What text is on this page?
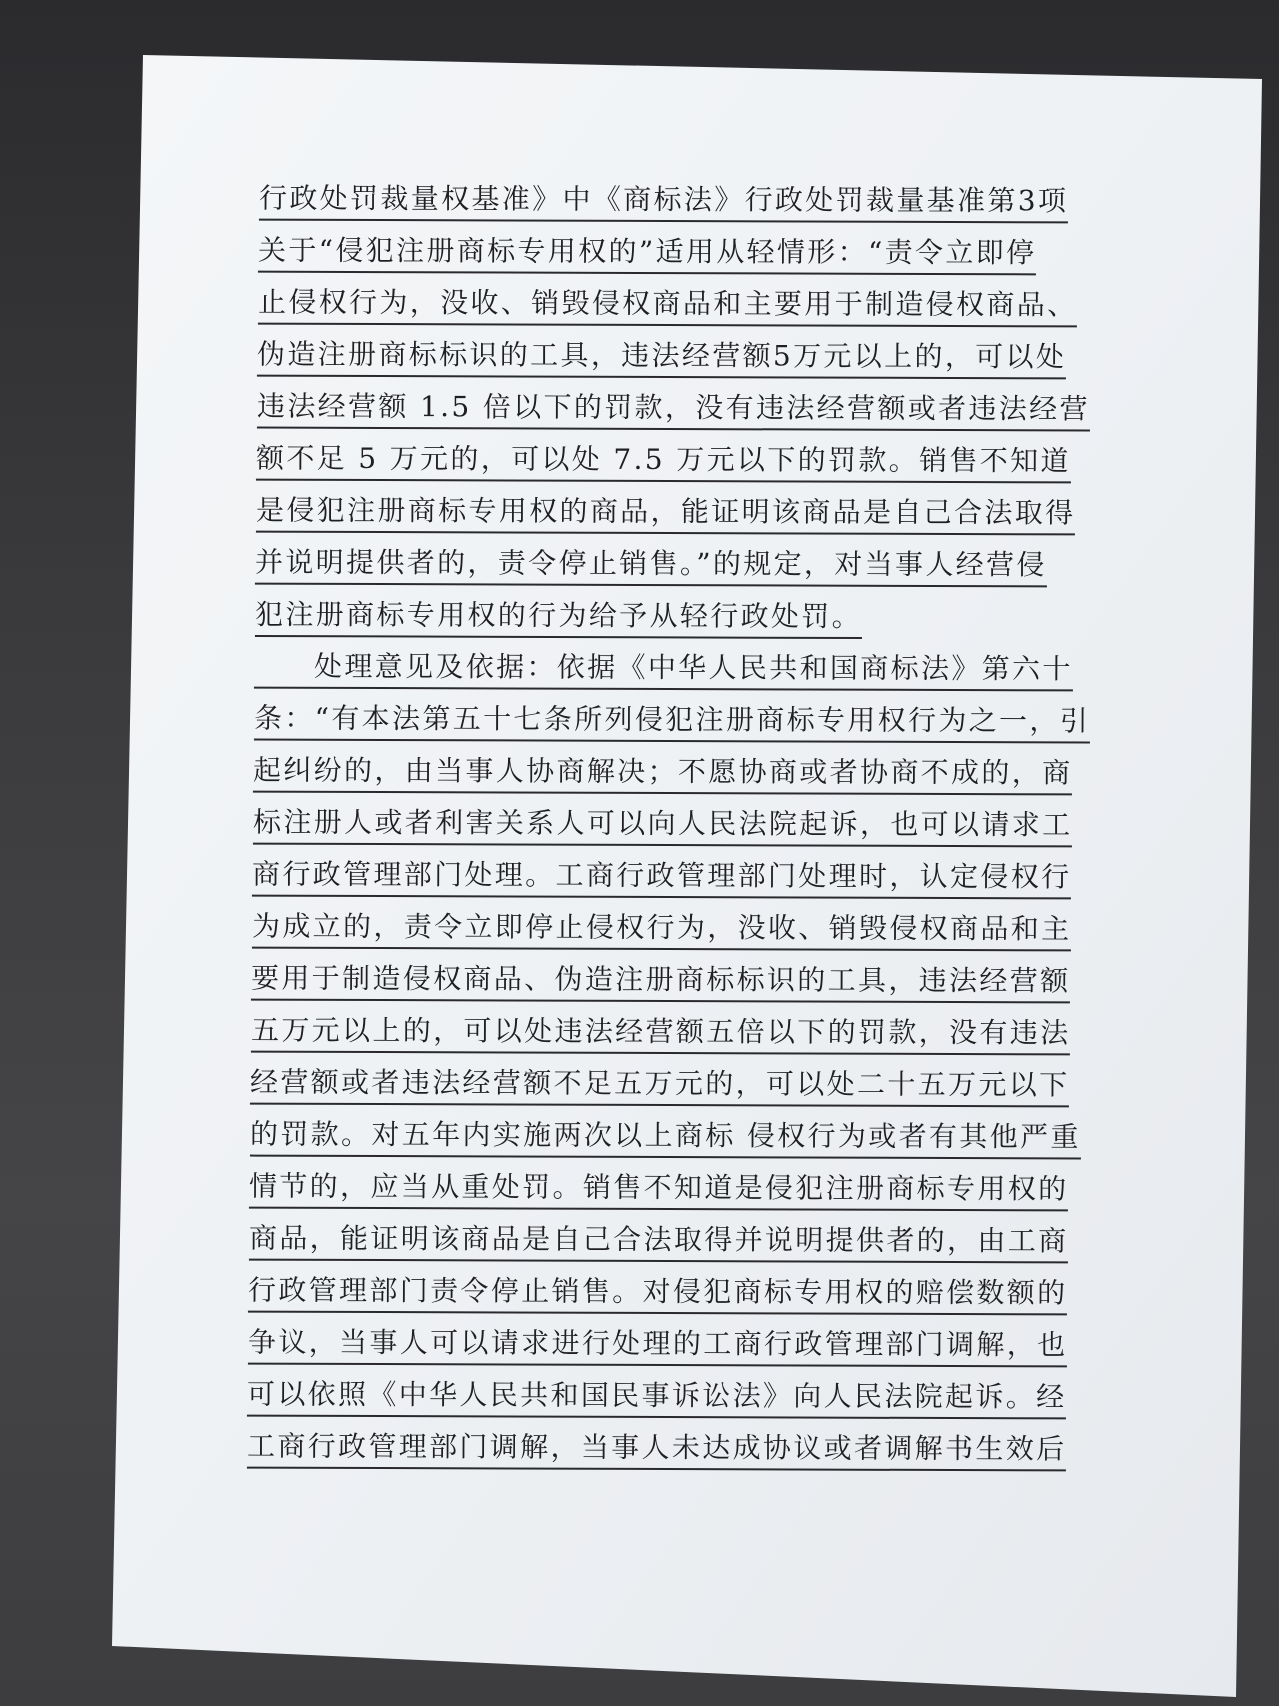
行政处罚裁量权基准》中《商标法》行政处罚裁量基准第3项
关于“侵犯注册商标专用权的”适用从轻情形：“责令立即停
止侵权行为，没收、销毁侵权商品和主要用于制造侵权商品、
伪造注册商标标识的工具，违法经营额5万元以上的，可以处
违法经营额 1.5 倍以下的罚款，没有违法经营额或者违法经营
额不足 5 万元的，可以处 7.5 万元以下的罚款。销售不知道
是侵犯注册商标专用权的商品，能证明该商品是自己合法取得
并说明提供者的，责令停止销售。”的规定，对当事人经营侵
犯注册商标专用权的行为给予从轻行政处罚。
处理意见及依据：依据《中华人民共和国商标法》第六十
条：“有本法第五十七条所列侵犯注册商标专用权行为之一，引
起纠纷的，由当事人协商解决；不愿协商或者协商不成的，商
标注册人或者利害关系人可以向人民法院起诉，也可以请求工
商行政管理部门处理。工商行政管理部门处理时，认定侵权行
为成立的，责令立即停止侵权行为，没收、销毁侵权商品和主
要用于制造侵权商品、伪造注册商标标识的工具，违法经营额
五万元以上的，可以处违法经营额五倍以下的罚款，没有违法
经营额或者违法经营额不足五万元的，可以处二十五万元以下
的罚款。对五年内实施两次以上商标 侵权行为或者有其他严重
情节的，应当从重处罚。销售不知道是侵犯注册商标专用权的
商品，能证明该商品是自己合法取得并说明提供者的，由工商
行政管理部门责令停止销售。对侵犯商标专用权的赔偿数额的
争议，当事人可以请求进行处理的工商行政管理部门调解，也
可以依照《中华人民共和国民事诉讼法》向人民法院起诉。经
工商行政管理部门调解，当事人未达成协议或者调解书生效后
